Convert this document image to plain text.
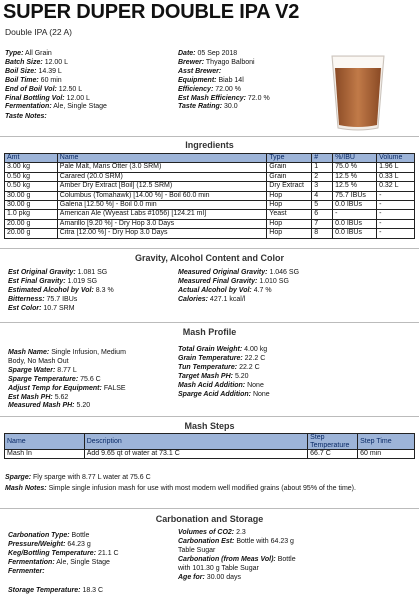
SUPER DUPER DOUBLE IPA V2
Double IPA (22 A)
Type: All Grain
Batch Size: 12.00 L
Boil Size: 14.39 L
Boil Time: 60 min
End of Boil Vol: 12.50 L
Final Bottling Vol: 12.00 L
Fermentation: Ale, Single Stage
Date: 05 Sep 2018
Brewer: Thyago Balboni
Asst Brewer:
Equipment: Biab 14l
Efficiency: 72.00 %
Est Mash Efficiency: 72.0 %
Taste Rating: 30.0
Taste Notes:
Ingredients
Amt	Name	Type	#	%/IBU	Volume
3.00 kg	Pale Malt, Maris Otter (3.0 SRM)	Grain	1	75.0 %	1.96 L
0.50 kg	Carared (20.0 SRM)	Grain	2	12.5 %	0.33 L
0.50 kg	Amber Dry Extract [Boil] (12.5 SRM)	Dry Extract	3	12.5 %	0.32 L
30.00 g	Columbus (Tomahawk) [14.00 %] - Boil 60.0 min	Hop	4	75.7 IBUs	-
30.00 g	Galena [12.50 %] - Boil 0.0 min	Hop	5	0.0 IBUs	-
1.0 pkg	American Ale (Wyeast Labs #1056) [124.21 ml]	Yeast	6	-	-
20.00 g	Amarillo [9.20 %] - Dry Hop 3.0 Days	Hop	7	0.0 IBUs	-
20.00 g	Citra [12.00 %] - Dry Hop 3.0 Days	Hop	8	0.0 IBUs	-
Gravity, Alcohol Content and Color
Est Original Gravity: 1.081 SG
Est Final Gravity: 1.019 SG
Estimated Alcohol by Vol: 8.3 %
Bitterness: 75.7 IBUs
Est Color: 10.7 SRM
Measured Original Gravity: 1.046 SG
Measured Final Gravity: 1.010 SG
Actual Alcohol by Vol: 4.7 %
Calories: 427.1 kcal/l
Mash Profile
Mash Name: Single Infusion, Medium
Body, No Mash Out
Sparge Water: 8.77 L
Sparge Temperature: 75.6 C
Adjust Temp for Equipment: FALSE
Est Mash PH: 5.62
Measured Mash PH: 5.20
Total Grain Weight: 4.00 kg
Grain Temperature: 22.2 C
Tun Temperature: 22.2 C
Target Mash PH: 5.20
Mash Acid Addition: None
Sparge Acid Addition: None
Mash Steps
Name	Description	Step Temperature	Step Time
Mash In	Add 9.65 qt of water at 73.1 C	66.7 C	60 min
Sparge: Fly sparge with 8.77 L water at 75.6 C
Mash Notes: Simple single infusion mash for use with most modern well modified grains (about 95% of the time).
Carbonation and Storage
Carbonation Type: Bottle
Pressure/Weight: 64.23 g
Keg/Bottling Temperature: 21.1 C
Fermentation: Ale, Single Stage
Fermenter:
Volumes of CO2: 2.3
Carbonation Est: Bottle with 64.23 g
Table Sugar
Carbonation (from Meas Vol): Bottle
with 101.30 g Table Sugar
Age for: 30.00 days
Storage Temperature: 18.3 C
